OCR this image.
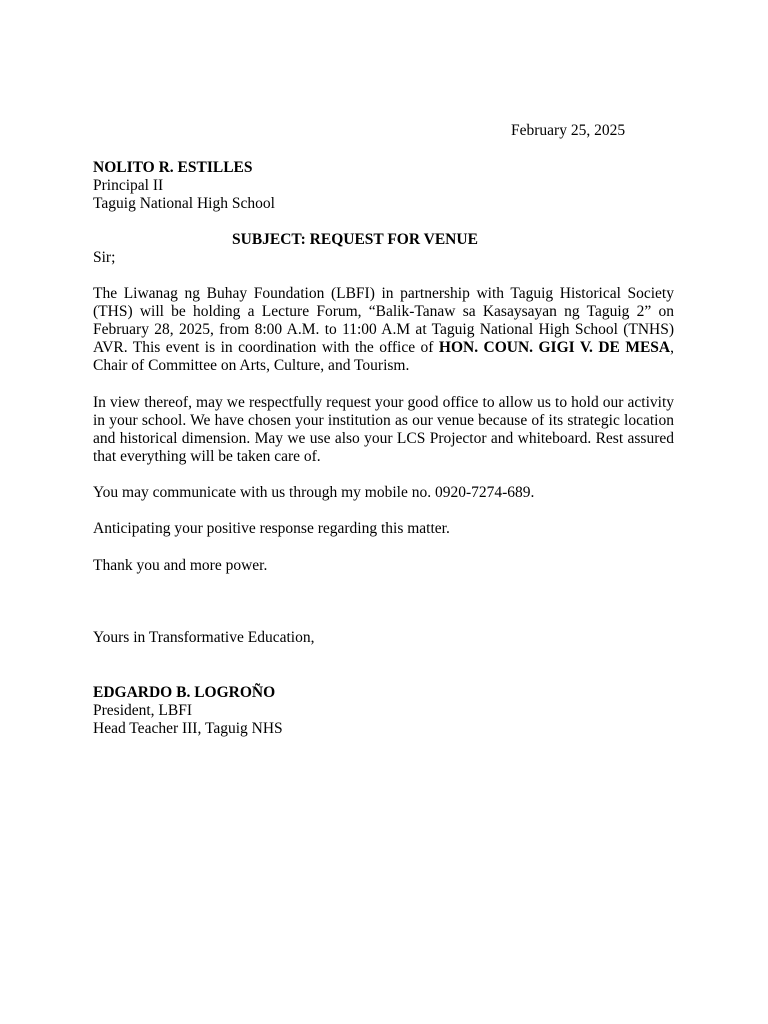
February 25, 2025
NOLITO R. ESTILLES
Principal II
Taguig National High School
SUBJECT: REQUEST FOR VENUE
Sir;
The Liwanag ng Buhay Foundation (LBFI) in partnership with Taguig Historical Society (THS) will be holding a Lecture Forum, “Balik-Tanaw sa Kasaysayan ng Taguig 2” on February 28, 2025, from 8:00 A.M. to 11:00 A.M at Taguig National High School (TNHS) AVR. This event is in coordination with the office of HON. COUN. GIGI V. DE MESA, Chair of Committee on Arts, Culture, and Tourism.
In view thereof, may we respectfully request your good office to allow us to hold our activity in your school. We have chosen your institution as our venue because of its strategic location and historical dimension. May we use also your LCS Projector and whiteboard. Rest assured that everything will be taken care of.
You may communicate with us through my mobile no. 0920-7274-689.
Anticipating your positive response regarding this matter.
Thank you and more power.
Yours in Transformative Education,
EDGARDO B. LOGROÑO
President, LBFI
Head Teacher III, Taguig NHS
